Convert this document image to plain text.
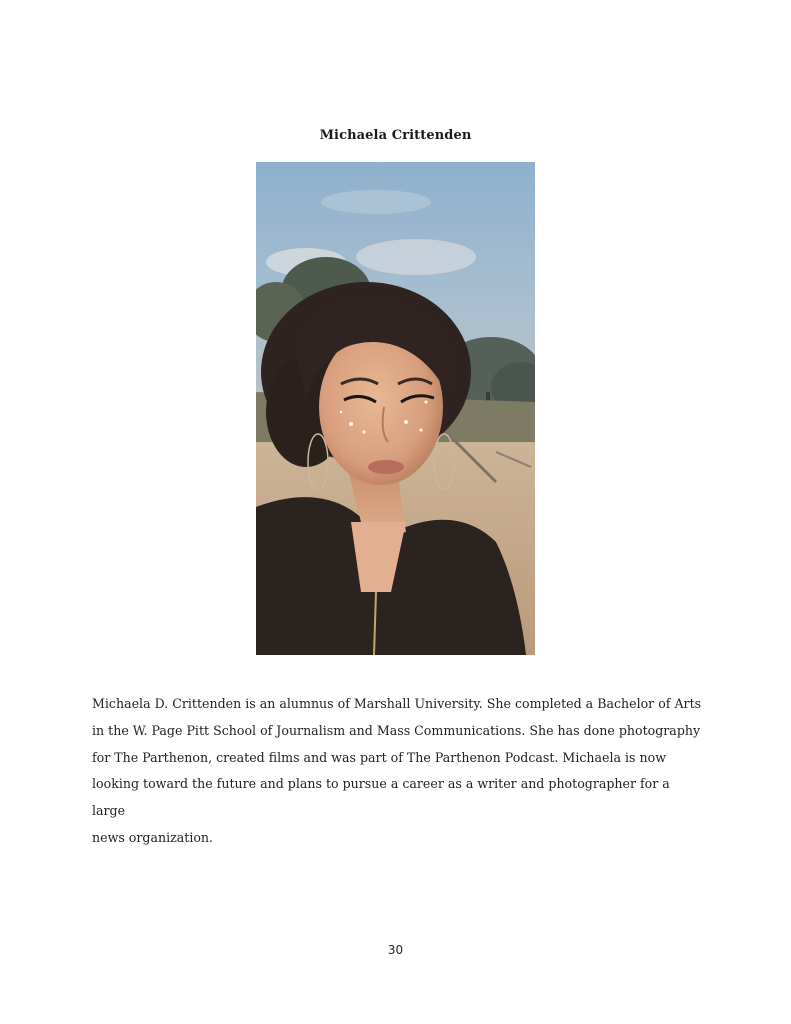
Michaela Crittenden
Michaela D. Crittenden is an alumnus of Marshall University. She completed a Bachelor of Arts
in the W. Page Pitt School of Journalism and Mass Communications. She has done photography
for The Parthenon, created films and was part of The Parthenon Podcast. Michaela is now
looking toward the future and plans to pursue a career as a writer and photographer for a large
news organization.
30
